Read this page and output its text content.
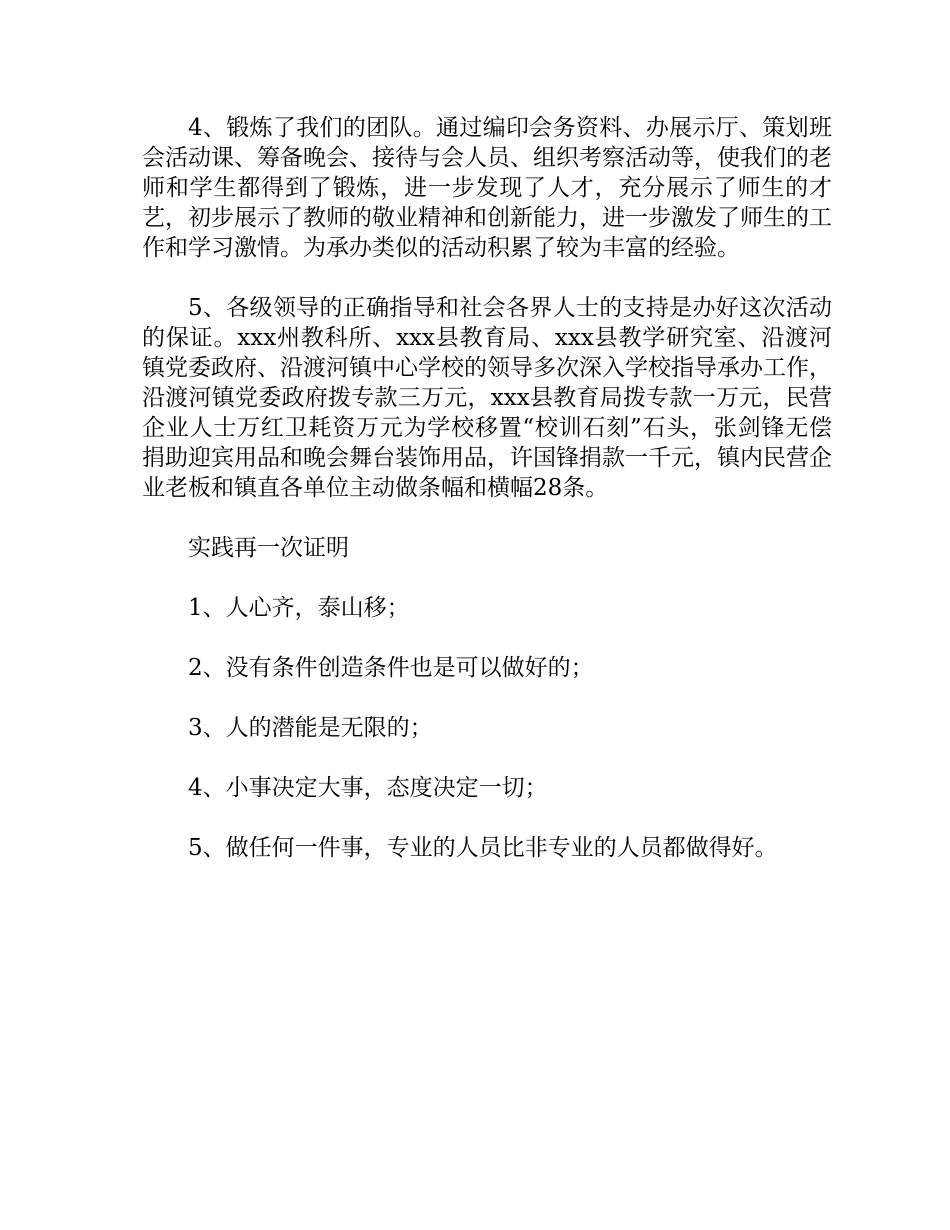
4、锻炼了我们的团队。通过编印会务资料、办展示厅、策划班会活动课、筹备晚会、接待与会人员、组织考察活动等，使我们的老师和学生都得到了锻炼，进一步发现了人才，充分展示了师生的才艺，初步展示了教师的敬业精神和创新能力，进一步激发了师生的工作和学习激情。为承办类似的活动积累了较为丰富的经验。

5、各级领导的正确指导和社会各界人士的支持是办好这次活动的保证。xxx州教科所、xxx县教育局、xxx县教学研究室、沿渡河镇党委政府、沿渡河镇中心学校的领导多次深入学校指导承办工作，沿渡河镇党委政府拨专款三万元，xxx县教育局拨专款一万元，民营企业人士万红卫耗资万元为学校移置“校训石刻”石头，张剑锋无偿捐助迎宾用品和晚会舞台装饰用品，许国锋捐款一千元，镇内民营企业老板和镇直各单位主动做条幅和横幅28条。

实践再一次证明

1、人心齐，泰山移；

2、没有条件创造条件也是可以做好的；

3、人的潜能是无限的；

4、小事决定大事，态度决定一切；

5、做任何一件事，专业的人员比非专业的人员都做得好。
